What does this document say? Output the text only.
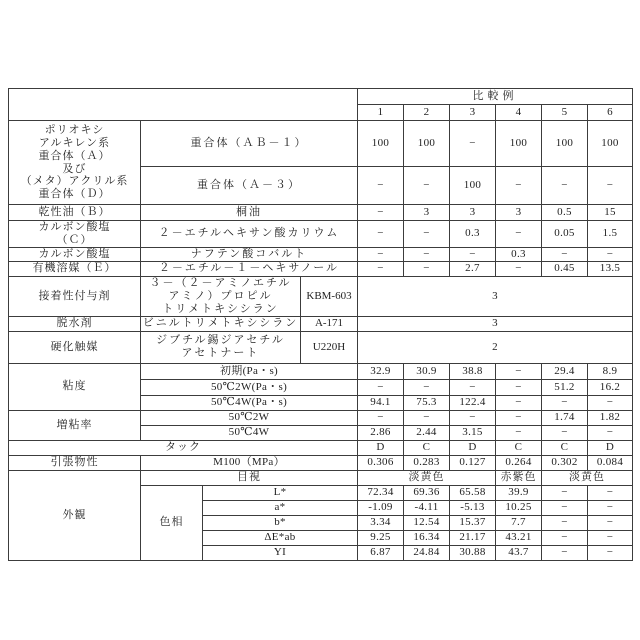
				比較例					
				1	2	3	4	5	6
ポリオキシ
アルキレン系
重合体（Ａ）
及び
（メタ）アクリル系
重合体（Ｄ）	重合体（ＡＢ－１）	100	100	−	100	100	100
	重合体（Ａ－３）			−	−	100	−	−	−
乾性油（Ｂ）	桐油			−	3	3	3	0.5	15
カルボン酸塩
（Ｃ）	２－エチルヘキサン酸カリウム			−	−	0.3	−	0.05	1.5
カルボン酸塩	ナフテン酸コバルト			−	−	−	0.3	−	−
有機溶媒（Ｅ）	２－エチル－１－ヘキサノール			−	−	2.7	−	0.45	13.5
接着性付与剤	３－（２－アミノエチル
アミノ）プロピル
トリメトキシシラン		KBM-603	3					
脱水剤	ビニルトリメトキシシラン		A-171	3					
硬化触媒	ジブチル錫ジアセチル
アセトナート		U220H	2					
粘度	初期(Pa・s)			32.9	30.9	38.8	−	29.4	8.9
	50℃2W(Pa・s)			−	−	−	−	51.2	16.2
	50℃4W(Pa・s)			94.1	75.3	122.4	−	−	−
増粘率	50℃2W			−	−	−	−	1.74	1.82
	50℃4W			2.86	2.44	3.15	−	−	−
タック				D	C	D	C	C	D
引張物性	M100（MPa）			0.306	0.283	0.127	0.264	0.302	0.084
外観	目視			淡黄色			赤紫色	淡黄色	
	色相	L*		72.34	69.36	65.58	39.9	−	−
		a*		-1.09	-4.11	-5.13	10.25	−	−
		b*		3.34	12.54	15.37	7.7	−	−
		ΔE*ab		9.25	16.34	21.17	43.21	−	−
		YI		6.87	24.84	30.88	43.7	−	−
